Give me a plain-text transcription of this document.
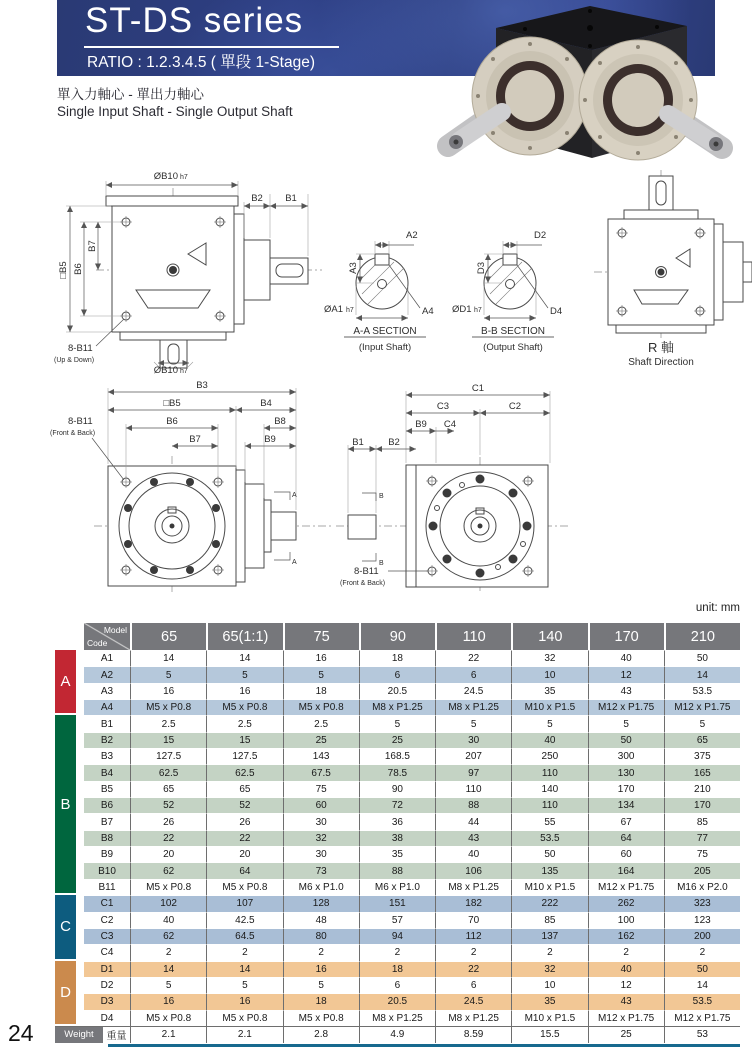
ST-DS series
RATIO : 1.2.3.4.5 ( 單段 1-Stage)
單入力軸心 - 單出力軸心
Single Input Shaft - Single Output Shaft
ØB10 h7
B2 B1
□B5 B6
B7
8-B11
(Up & Down)
ØB10 h7
A2
A3
ØA1 h7	A4
A-A SECTION
(Input Shaft)
D2
D3
ØD1 h7	D4
B-B SECTION
(Output Shaft)	R 軸
Shaft Direction
B3
□B5	B4
B6
B7
B8
B9
A
A
8-B11
(Front & Back)
C1
C3	C2
B9 C4
B1	B2
B
B
8-B11
(Front & Back)
unit: mm
Model
Code	65	65(1:1)	75	90	110	140	170	210
A
A1	14	14	16	18	22	32	40	50
A2	5	5	5	6	6	10	12	14
A3	16	16	18	20.5	24.5	35	43	53.5
A4	M5 x P0.8	M5 x P0.8	M5 x P0.8	M8 x P1.25	M8 x P1.25	M10 x P1.5	M12 x P1.75	M12 x P1.75
B
B1	2.5	2.5	2.5	5	5	5	5	5
B2	15	15	25	25	30	40	50	65
B3	127.5	127.5	143	168.5	207	250	300	375
B4	62.5	62.5	67.5	78.5	97	110	130	165
B5	65	65	75	90	110	140	170	210
B6	52	52	60	72	88	110	134	170
B7	26	26	30	36	44	55	67	85
B8	22	22	32	38	43	53.5	64	77
B9	20	20	30	35	40	50	60	75
B10	62	64	73	88	106	135	164	205
B11	M5 x P0.8	M5 x P0.8	M6 x P1.0	M6 x P1.0	M8 x P1.25	M10 x P1.5	M12 x P1.75	M16 x P2.0
C
C1	102	107	128	151	182	222	262	323
C2	40	42.5	48	57	70	85	100	123
C3	62	64.5	80	94	112	137	162	200
C4	2	2	2	2	2	2	2	2
D
D1	14	14	16	18	22	32	40	50
D2	5	5	5	6	6	10	12	14
D3	16	16	18	20.5	24.5	35	43	53.5
D4	M5 x P0.8	M5 x P0.8	M5 x P0.8	M8 x P1.25	M8 x P1.25	M10 x P1.5	M12 x P1.75	M12 x P1.75
Weight	重量	2.1	2.1	2.8	4.9	8.59	15.5	25	53
24
